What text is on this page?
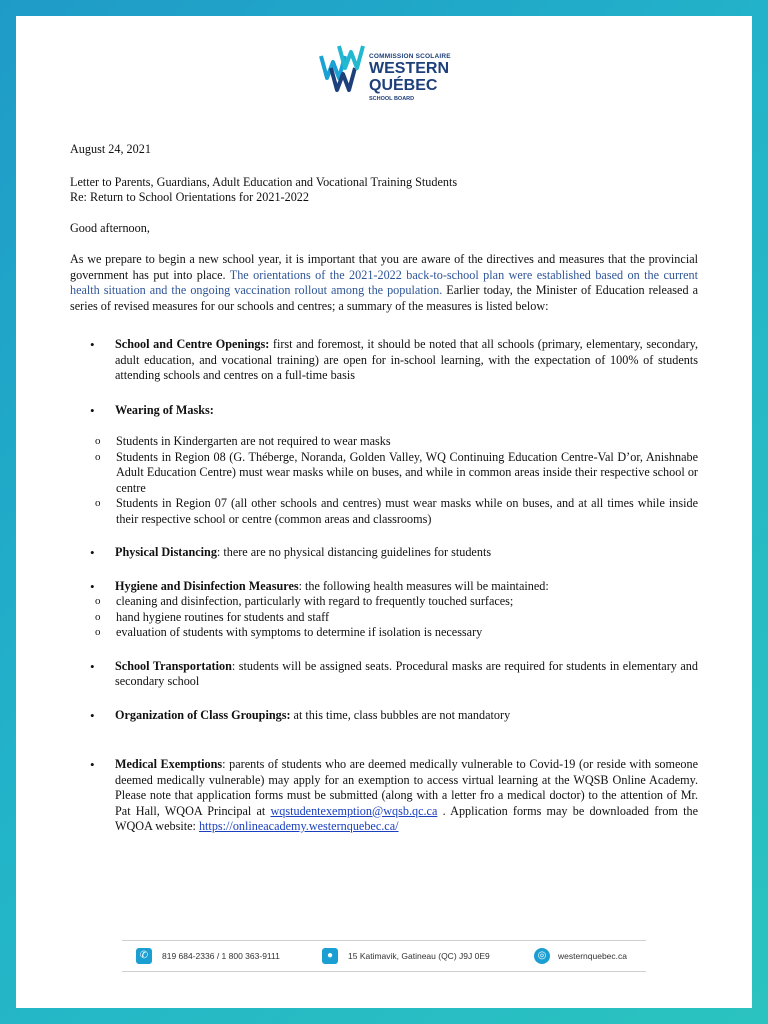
COMMISSION SCOLAIRE
WESTERN
QUÉBEC
SCHOOL BOARD

August 24, 2021

Letter to Parents, Guardians, Adult Education and Vocational Training Students

Re: Return to School Orientations for 2021-2022

Good afternoon,

As we prepare to begin a new school year, it is important that you are aware of the directives and measures that the provincial government has put into place. The orientations of the 2021-2022 back-to-school plan were established based on the current health situation and the ongoing vaccination rollout among the population. Earlier today, the Minister of Education released a series of revised measures for our schools and centres; a summary of the measures is listed below:

• School and Centre Openings: first and foremost, it should be noted that all schools (primary, elementary, secondary, adult education, and vocational training) are open for in-school learning, with the expectation of 100% of students attending schools and centres on a full-time basis
• Wearing of Masks:
o Students in Kindergarten are not required to wear masks
o Students in Region 08 (G. Théberge, Noranda, Golden Valley, WQ Continuing Education Centre-Val D’or, Anishnabe Adult Education Centre) must wear masks while on buses, and while in common areas inside their respective school or centre
o Students in Region 07 (all other schools and centres) must wear masks while on buses, and at all times while inside their respective school or centre (common areas and classrooms)
• Physical Distancing: there are no physical distancing guidelines for students
• Hygiene and Disinfection Measures: the following health measures will be maintained:
o cleaning and disinfection, particularly with regard to frequently touched surfaces;
o hand hygiene routines for students and staff
o evaluation of students with symptoms to determine if isolation is necessary
• School Transportation: students will be assigned seats. Procedural masks are required for students in elementary and secondary school
• Organization of Class Groupings: at this time, class bubbles are not mandatory
• Medical Exemptions: parents of students who are deemed medically vulnerable to Covid-19 (or reside with someone deemed medically vulnerable) may apply for an exemption to access virtual learning at the WQSB Online Academy. Please note that application forms must be submitted (along with a letter fro a medical doctor) to the attention of Mr. Pat Hall, WQOA Principal at wqstudentexemption@wqsb.qc.ca . Application forms may be downloaded from the WQOA website: https://onlineacademy.westernquebec.ca/
✆	819 684-2336 / 1 800 363-9111	●	15 Katimavik, Gatineau (QC) J9J 0E9	◎	westernquebec.ca
